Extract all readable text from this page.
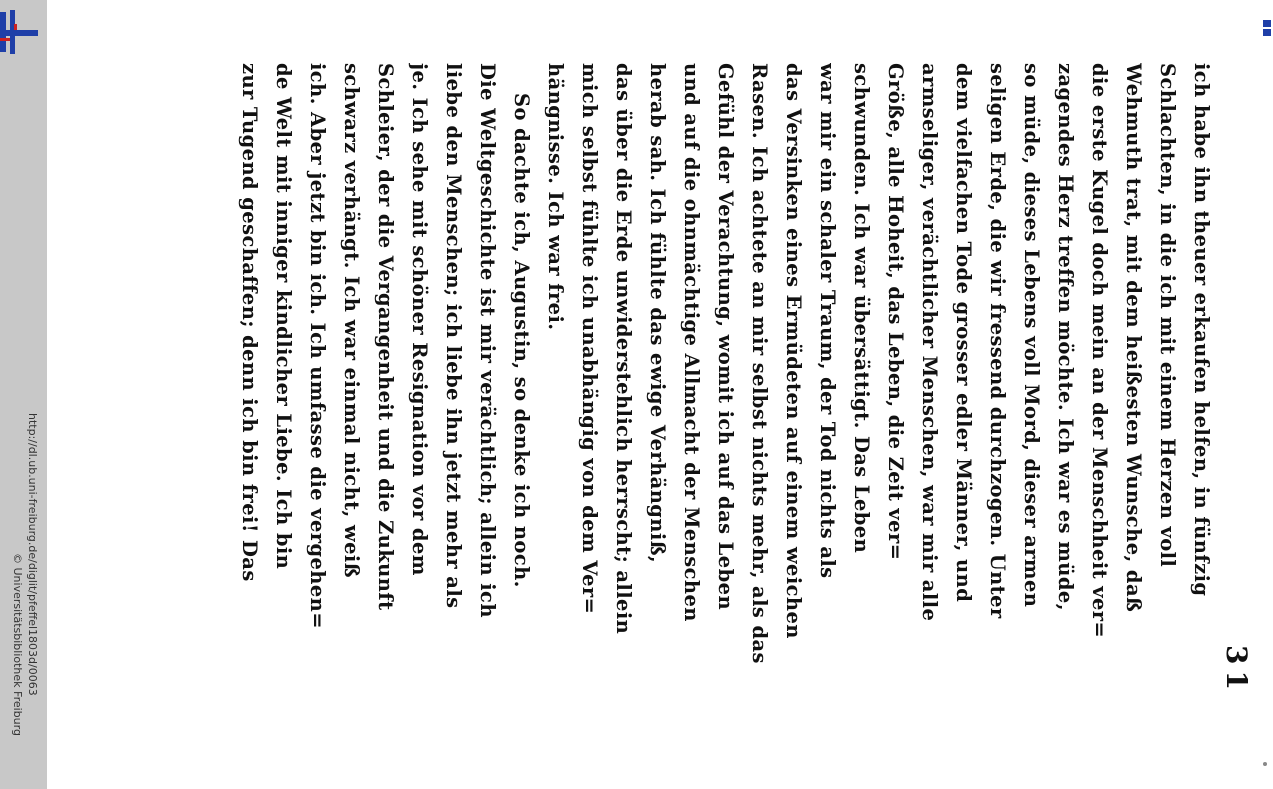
http://dl.ub.uni-freiburg.de/diglit/pfeffel1803d/0063
© Universitätsbibliothek Freiburg	31
ich habe ihn theuer erkaufen helfen, in fünfzig
Schlachten, in die ich mit einem Herzen voll
Wehmuth trat, mit dem heißesten Wunsche, daß
die erste Kugel doch mein an der Menschheit ver=
zagendes Herz treffen möchte. Ich war es müde,
so müde, dieses Lebens voll Mord, dieser armen
seligen Erde, die wir fressend durchzogen. Unter
dem vielfachen Tode grosser edler Männer, und
armseliger, verächtlicher Menschen, war mir alle
Größe, alle Hoheit, das Leben, die Zeit ver=
schwunden. Ich war übersättigt. Das Leben
war mir ein schaler Traum, der Tod nichts als
das Versinken eines Ermüdeten auf einem weichen
Rasen. Ich achtete an mir selbst nichts mehr, als das
Gefühl der Verachtung, womit ich auf das Leben
und auf die ohnmächtige Allmacht der Menschen
herab sah. Ich fühlte das ewige Verhängniß,
das über die Erde unwiderstehlich herrscht; allein
mich selbst fühlte ich unabhängig von dem Ver=
hängnisse. Ich war frei.
So dachte ich, Augustin, so denke ich noch.
Die Weltgeschichte ist mir verächtlich; allein ich
liebe den Menschen; ich liebe ihn jetzt mehr als
je. Ich sehe mit schöner Resignation vor dem
Schleier, der die Vergangenheit und die Zukunft
schwarz verhängt. Ich war einmal nicht, weiß
ich. Aber jetzt bin ich. Ich umfasse die vergehen=
de Welt mit inniger kindlicher Liebe. Ich bin
zur Tugend geschaffen; denn ich bin frei! Das
